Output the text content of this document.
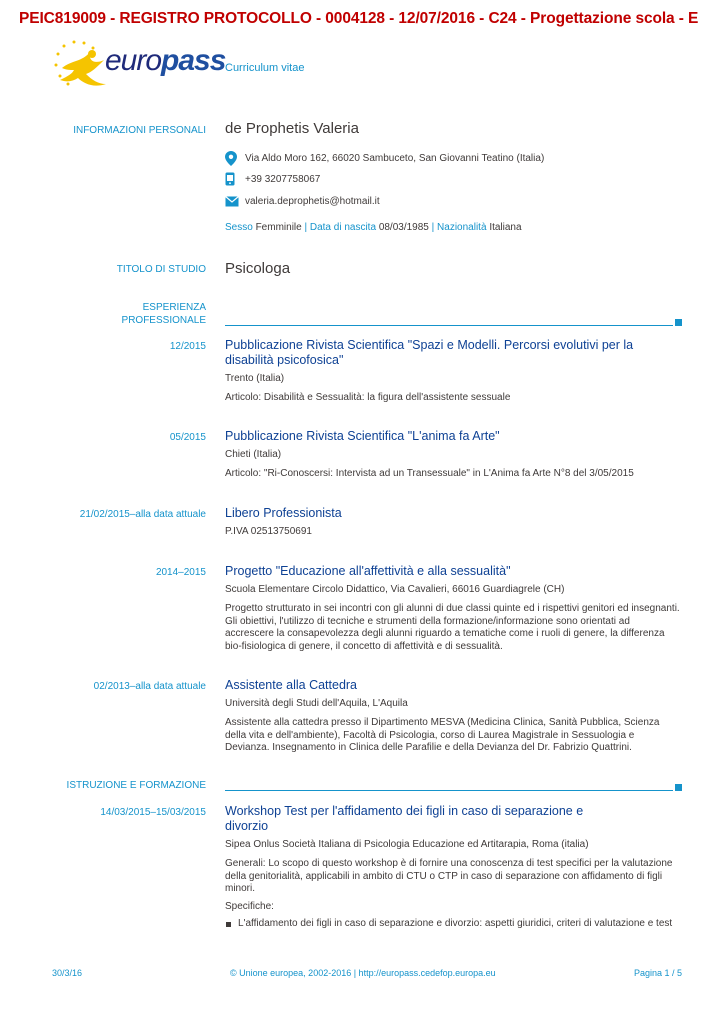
PEIC819009 - REGISTRO PROTOCOLLO - 0004128 - 12/07/2016 - C24 - Progettazione scola - E
europass Curriculum vitae
INFORMAZIONI PERSONALI de Prophetis Valeria
Via Aldo Moro 162, 66020 Sambuceto, San Giovanni Teatino (Italia)
+39 3207758067
valeria.deprophetis@hotmail.it
Sesso Femminile | Data di nascita 08/03/1985 | Nazionalità Italiana
TITOLO DI STUDIO Psicologa
ESPERIENZA
PROFESSIONALE
12/2015 Pubblicazione Rivista Scientifica "Spazi e Modelli. Percorsi evolutivi per la
disabilità psicofosica"
Trento (Italia)
Articolo: Disabilità e Sessualità: la figura dell'assistente sessuale
05/2015 Pubblicazione Rivista Scientifica "L'anima fa Arte"
Chieti (Italia)
Articolo: "Ri-Conoscersi: Intervista ad un Transessuale" in L'Anima fa Arte N°8 del 3/05/2015
21/02/2015–alla data attuale Libero Professionista
P.IVA 02513750691
2014–2015 Progetto "Educazione all'affettività e alla sessualità"
Scuola Elementare Circolo Didattico, Via Cavalieri, 66016 Guardiagrele (CH)
Progetto strutturato in sei incontri con gli alunni di due classi quinte ed i rispettivi genitori ed insegnanti.
Gli obiettivi, l'utilizzo di tecniche e strumenti della formazione/informazione sono orientati ad
accrescere la consapevolezza degli alunni riguardo a tematiche come i ruoli di genere, la differenza
bio-fisiologica di genere, il concetto di affettività e di sessualità.
02/2013–alla data attuale Assistente alla Cattedra
Università degli Studi dell'Aquila, L'Aquila
Assistente alla cattedra presso il Dipartimento MESVA (Medicina Clinica, Sanità Pubblica, Scienza
della vita e dell'ambiente), Facoltà di Psicologia, corso di Laurea Magistrale in Sessuologia e
Devianza. Insegnamento in Clinica delle Parafilie e della Devianza del Dr. Fabrizio Quattrini.
ISTRUZIONE E FORMAZIONE
14/03/2015–15/03/2015 Workshop Test per l'affidamento dei figli in caso di separazione e
divorzio
Sipea Onlus Società Italiana di Psicologia Educazione ed Artitarapia, Roma (italia)
Generali: Lo scopo di questo workshop è di fornire una conoscenza di test specifici per la valutazione
della genitorialità, applicabili in ambito di CTU o CTP in caso di separazione con affidamento di figli
minori.
Specifiche:
L'affidamento dei figli in caso di separazione e divorzio: aspetti giuridici, criteri di valutazione e test
30/3/16	© Unione europea, 2002-2016 | http://europass.cedefop.europa.eu	Pagina 1 / 5
